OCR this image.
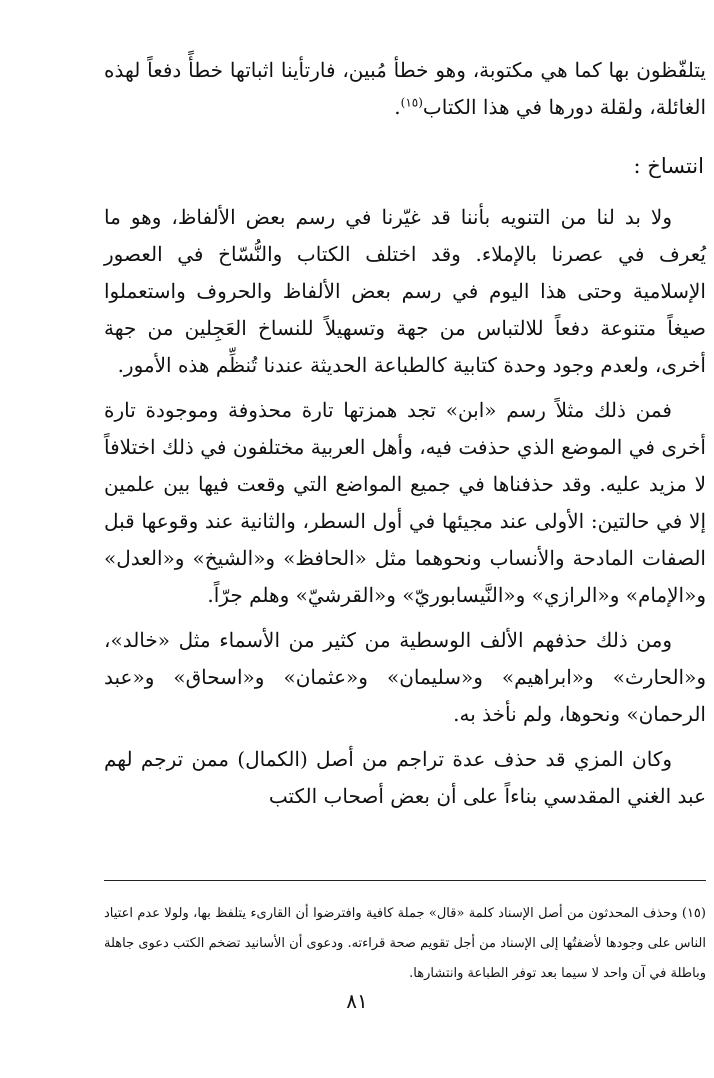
يتلفّظون بها كما هي مكتوبة، وهو خطأ مُبين، فارتأينا اثباتها خطأً دفعاً لهذه الغائلة، ولقلة دورها في هذا الكتاب$^{(١٥)}$.

انتساخ :

ولا بد لنا من التنويه بأننا قد غيّرنا في رسم بعض الألفاظ، وهو ما يُعرف في عصرنا بالإملاء. وقد اختلف الكتاب والنُّسّاخ في العصور الإسلامية وحتى هذا اليوم في رسم بعض الألفاظ والحروف واستعملوا صيغاً متنوعة دفعاً للالتباس من جهة وتسهيلاً للنساخ العَجِلين من جهة أخرى، ولعدم وجود وحدة كتابية كالطباعة الحديثة عندنا تُنظِّم هذه الأمور.

فمن ذلك مثلاً رسم «ابن» تجد همزتها تارة محذوفة وموجودة تارة أخرى في الموضع الذي حذفت فيه، وأهل العربية مختلفون في ذلك اختلافاً لا مزيد عليه. وقد حذفناها في جميع المواضع التي وقعت فيها بين علمين إلا في حالتين: الأولى عند مجيئها في أول السطر، والثانية عند وقوعها قبل الصفات المادحة والأنساب ونحوهما مثل «الحافظ» و«الشيخ» و«العدل» و«الإمام» و«الرازي» و«النَّيسابوريّ» و«القرشيّ» وهلم جرّاً.

ومن ذلك حذفهم الألف الوسطية من كثير من الأسماء مثل «خالد»، و«الحارث» و«ابراهيم» و«سليمان» و«عثمان» و«اسحاق» و«عبد الرحمان» ونحوها، ولم نأخذ به.

وكان المزي قد حذف عدة تراجم من أصل (الكمال) ممن ترجم لهم عبد الغني المقدسي بناءاً على أن بعض أصحاب الكتب

(١٥) وحذف المحدثون من أصل الإسناد كلمة «قال» جملة كافية وافترضوا أن القارىء يتلفظ بها، ولولا عدم اعتياد الناس على وجودها لأضفتُها إلى الإسناد من أجل تقويم صحة قراءته. ودعوى أن الأسانيد تضخم الكتب دعوى جاهلة وباطلة في آن واحد لا سيما بعد توفر الطباعة وانتشارها.

٨١
